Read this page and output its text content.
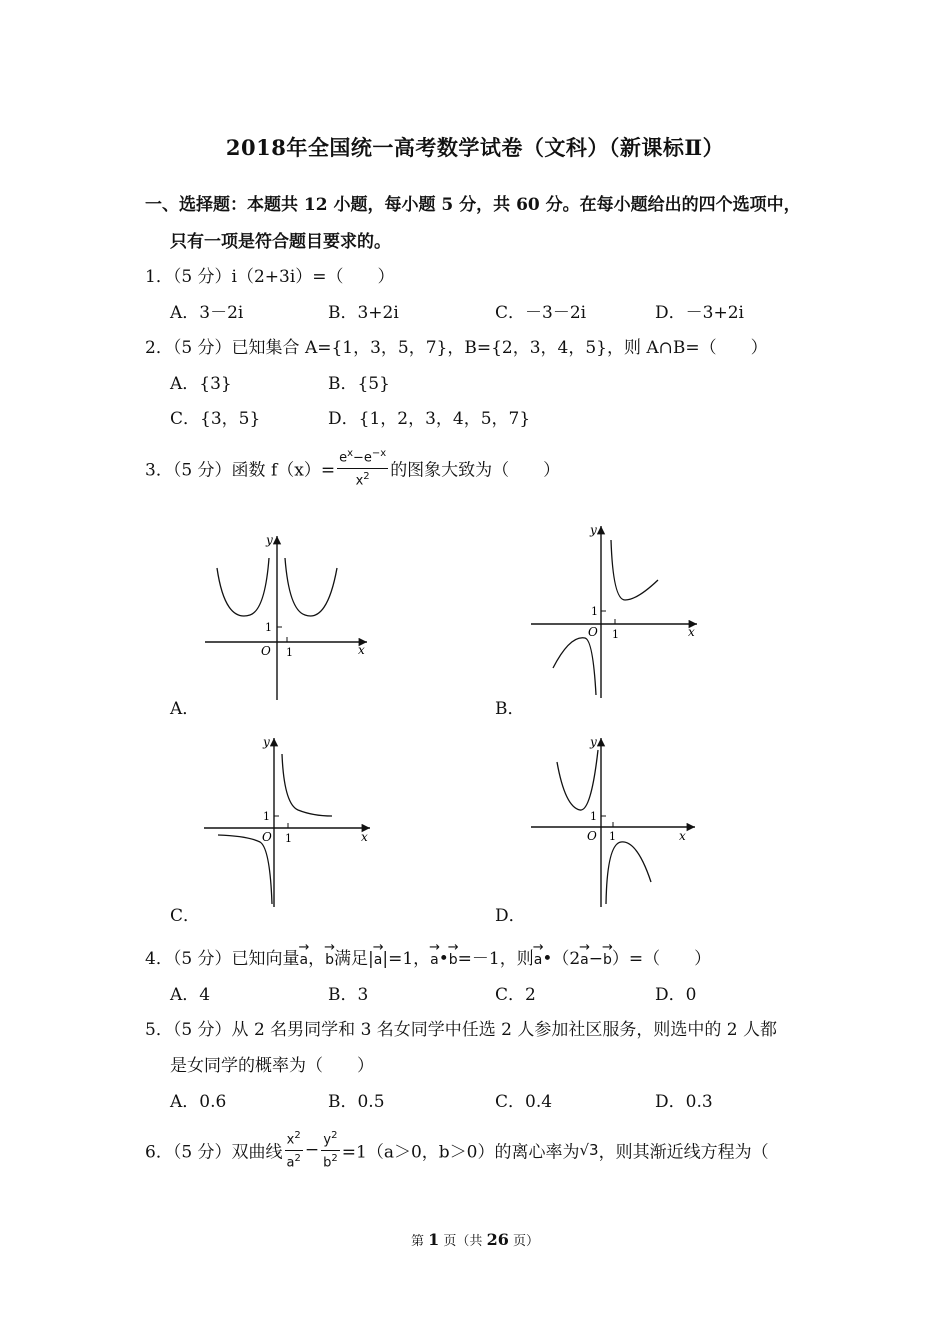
2018年全国统一高考数学试卷（文科）（新课标Ⅱ）
一、选择题：本题共 12 小题，每小题 5 分，共 60 分。在每小题给出的四个选项中，
只有一项是符合题目要求的。
1．（5 分）i（2+3i）=（　　）
A．3－2i	B．3+2i	C．－3－2i	D．－3+2i
2．（5 分）已知集合 A={1，3，5，7}，B={2，3，4，5}，则 A∩B=（　　）
A．{3}	B．{5}
C．{3，5}	D．{1，2，3，4，5，7}
3．（5 分）函数 $f(x)= \frac{e^x-e^{-x}}{x^2}$ 的图象大致为（　　）
y
x
O 1
1
A．
y
x
O 1
1
B．
y
x
O 1
1
C．
y
x
O 1
1
D．
4．（5 分）已知向量→ a，→ b满足|→ a|=1，→ a•→ b=－1，则→ a•（2→ a−→ b）=（　　）
A．4	B．3	C．2	D．0
5．（5 分）从 2 名男同学和 3 名女同学中任选 2 人参加社区服务，则选中的 2 人都
是女同学的概率为（　　）
A．0.6	B．0.5	C．0.4	D．0.3
6．（5 分）双曲线 $\frac{x^2}{a^2} - \frac{y^2}{b^2} =1(a>0$，b＞0）的离心率为√3，则其渐近线方程为（
第 1 页（共 26 页）
